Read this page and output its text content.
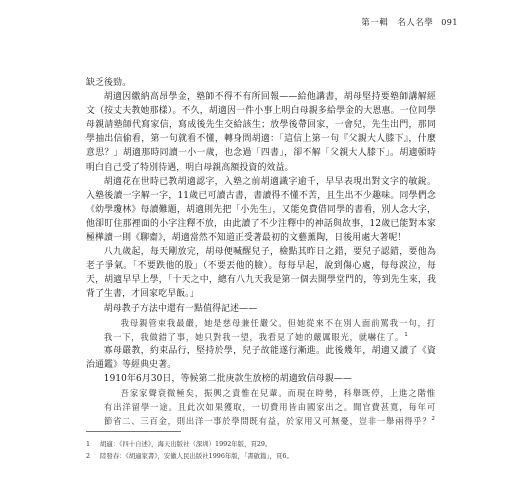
第一輯　名人名學 091

缺乏後勁。

胡適因繳納高昂學金，塾師不得不有所回報——給他講書，胡母堅持要塾師講解經文（按丈夫教她那樣）。不久，胡適因一件小事上明白母親多給學金的大恩惠。一位同學母親請塾師代寫家信，寫成後先生交給該生；放學後帶回家，一會兒，先生出門，那同學抽出信偷看，第一句就看不懂，轉身問胡適：「這信上第一句『父親大人膝下』，什麼意思？」胡適那時同讀一小一歲，也念過「四書」，卻不解「父親大人膝下」。胡適頓時明白自己受了特別待遇，明白母親高額投資的效益。

胡適花在世時已教胡適認字，入塾之前胡適識字逾千，早早表現出對文字的敏銳。入塾後讀一字解一字，11歲已可讀古書，書讀得不懂不苦，且生出不少趣味。同學們念《幼學瓊林》每讀難題，胡適則先把「小先生」，又能免費借同學的書看，別人念大字，他卻盯住那裡面的小字注釋不放，由此讀了不少注釋中的神話與故事，12歲已能對本家極樺讀一則《聊齋》，胡適當然不知道正受著最初的文藝薰陶，日後用處大著呢！

八九歲起，每天剛放完，胡母便喊醒兒子，檢點其昨日之錯，要兒子認錯，要他為老子爭氣。「不要跌他的股」（不要丟他的臉）。每每早起，說到傷心處，每每淚泣，每天，胡適早早上學，「十天之中，總有八九天我是第一個去開學堂門的，等到先生來，我背了生書，才回家吃早飯。」

胡母教子方法中還有一點值得記述——

我母親管束我最嚴，她是慈母兼任嚴父。但她從來不在別人面前罵我一句，打我一下，我做錯了事，她只對我一望，我看見了她的嚴厲眼光，就嚇住了。$^1$

寡母嚴教，約束品行，堅持於學，兒子故能遂行漸進。此後幾年，胡適又讀了《資治通鑑》等經典史著。

1910年6月30日，等候第二批庚款生放榜的胡適致信母親——

吾家家聲衰微極矣，振興之責惟在兒輩。而現在時勢，科舉既停，上進之階惟有出洋留學一途。且此次如果獲取，一切費用皆由國家出之。聞官費甚寬，每年可節省二、三百金，則出洋一事於學問既有益，於家用又可無憂，豈非一舉兩得乎？$^2$

1 胡適：《四十自述》，海天出版社（深圳）1992年版，頁29。
2 陸發春：《胡適家書》，安徽人民出版社1996年版，「書啟篇」，頁6。
